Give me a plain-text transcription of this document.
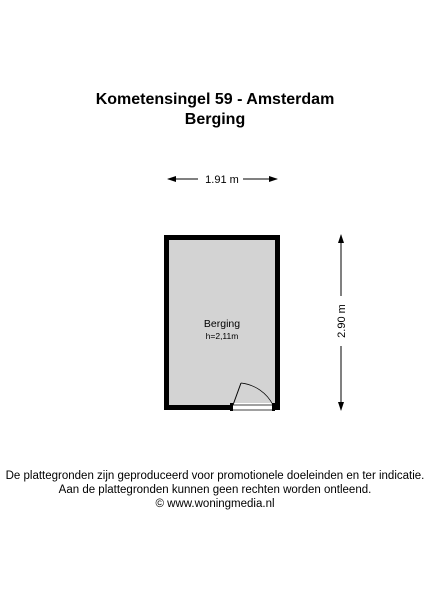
Kometensingel 59 - Amsterdam
Berging
1.91 m
2.90 m
Berging
h=2,11m

De plattegronden zijn geproduceerd voor promotionele doeleinden en ter indicatie.

Aan de plattegronden kunnen geen rechten worden ontleend.

© www.woningmedia.nl
